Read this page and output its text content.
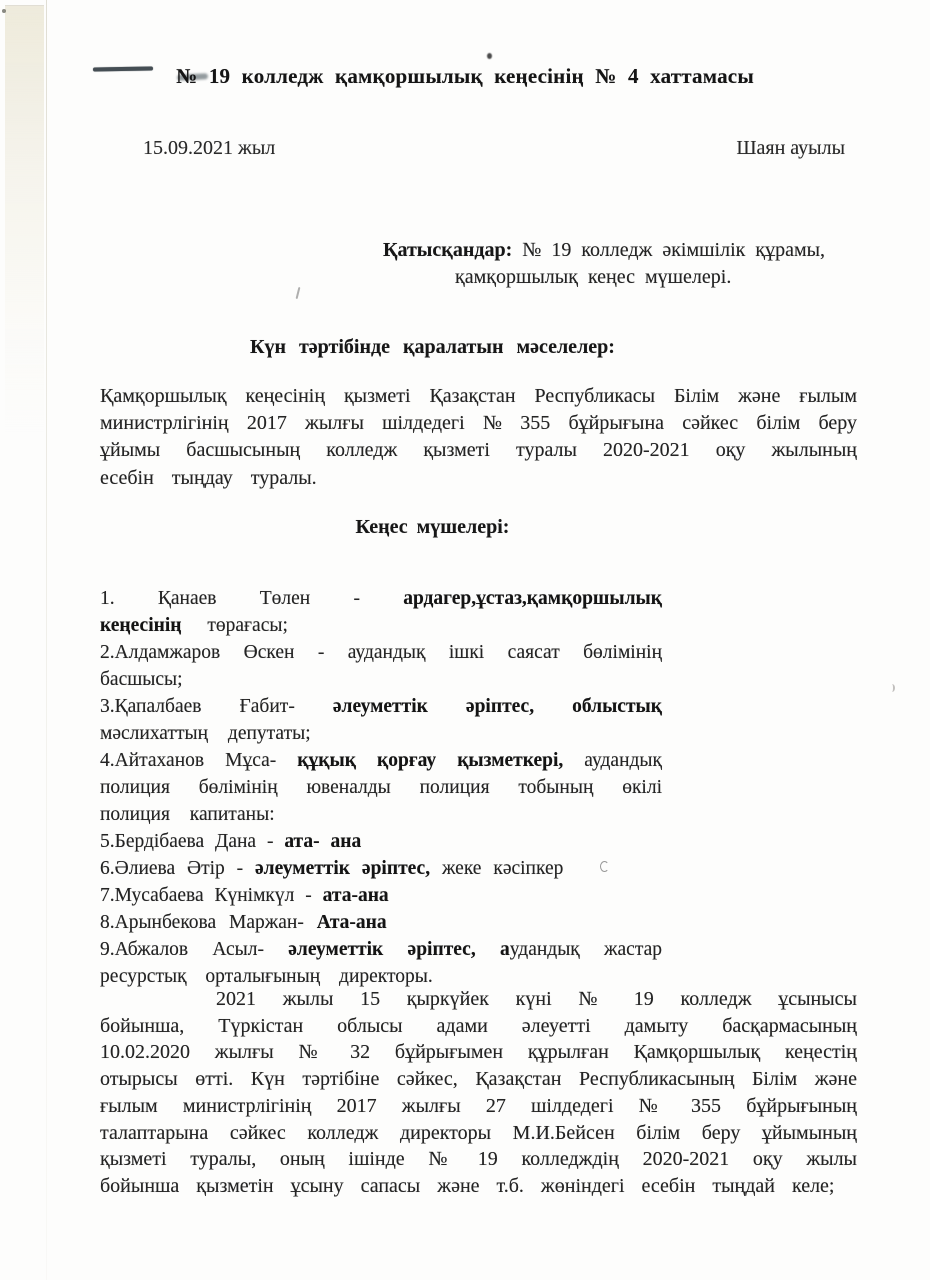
№ 19 колледж қамқоршылық кеңесінің № 4 хаттамасы
15.09.2021 жыл	Шаян ауылы
Қатысқандар: № 19 колледж әкімшілік құрамы,
қамқоршылық кеңес мүшелері.
Күн тәртібінде қаралатын мәселелер:

Қамқоршылық кеңесінің қызметі Қазақстан Республикасы Білім және ғылым министрлігінің 2017 жылғы шілдедегі № 355 бұйрығына сәйкес білім беру ұйымы басшысының колледж қызметі туралы 2020-2021 оқу жылының есебін тыңдау туралы.

Кеңес мүшелері:
1. Қанаев Төлен - ардагер,ұстаз,қамқоршылық кеңесінің төрағасы;
2.Алдамжаров Өскен - аудандық ішкі саясат бөлімінің басшысы;
3.Қапалбаев Ғабит- әлеуметтік әріптес, облыстық мәслихаттың депутаты;
4.Айтаханов Мұса- құқық қорғау қызметкері, аудандық полиция бөлімінің ювеналды полиция тобының өкілі полиция капитаны:
5.Бердібаева Дана - ата- ана
6.Әлиева Әтір - әлеуметтік әріптес, жеке кәсіпкер
7.Мусабаева Күнімкүл - ата-ана
8.Арынбекова Маржан- Ата-ана
9.Абжалов Асыл- әлеуметтік әріптес, аудандық жастар ресурстық орталығының директоры.

2021 жылы 15 қыркүйек күні № 19 колледж ұсынысы бойынша, Түркістан облысы адами әлеуетті дамыту басқармасының 10.02.2020 жылғы № 32 бұйрығымен құрылған Қамқоршылық кеңестің отырысы өтті. Күн тәртібіне сәйкес, Қазақстан Республикасының Білім және ғылым министрлігінің 2017 жылғы 27 шілдедегі № 355 бұйрығының талаптарына сәйкес колледж директоры М.И.Бейсен білім беру ұйымының қызметі туралы, оның ішінде № 19 колледждің 2020-2021 оқу жылы бойынша қызметін ұсыну сапасы және т.б. жөніндегі есебін тыңдай келе;
